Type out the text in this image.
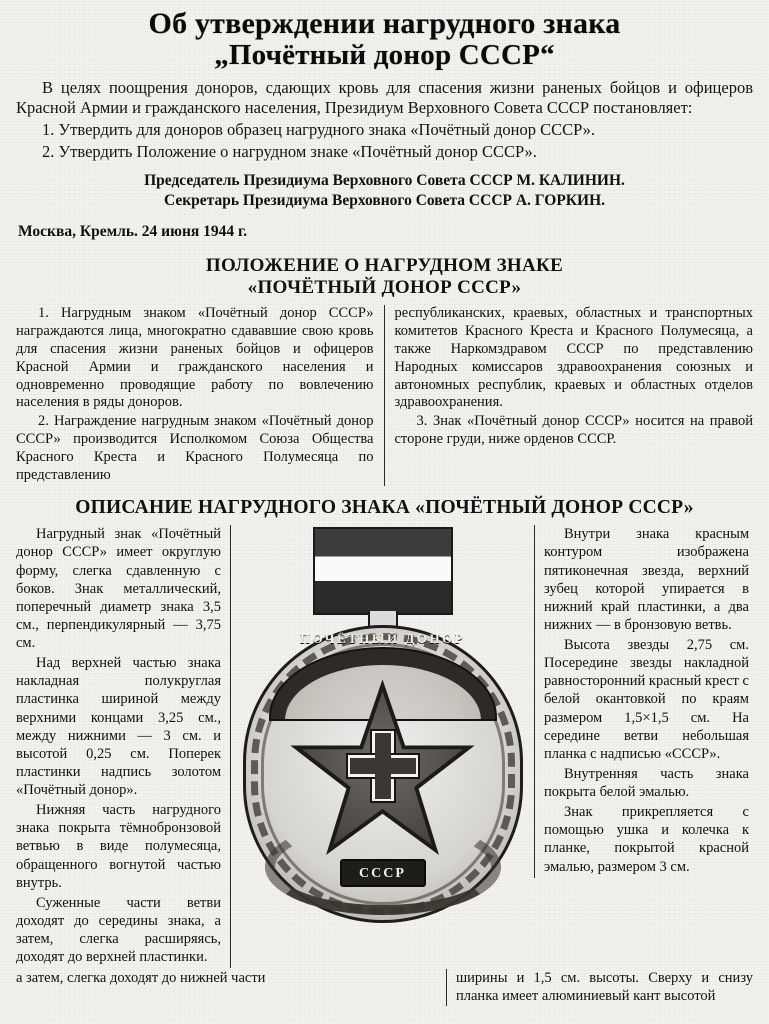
Об утверждении нагрудного знака
„Почётный донор СССР“

В целях поощрения доноров, сдающих кровь для спасения жизни раненых бойцов и офицеров Красной Армии и гражданского населения, Президиум Верховного Совета СССР постановляет:

1. Утвердить для доноров образец нагрудного знака «Почётный донор СССР».

2. Утвердить Положение о нагрудном знаке «Почётный донор СССР».

Председатель Президиума Верховного Совета СССР М. КАЛИНИН.
Секретарь Президиума Верховного Совета СССР А. ГОРКИН.
Москва, Кремль. 24 июня 1944 г.
ПОЛОЖЕНИЕ О НАГРУДНОМ ЗНАКЕ
«ПОЧЁТНЫЙ ДОНОР СССР»

1. Нагрудным знаком «Почётный донор СССР» награждаются лица, многократно сдававшие свою кровь для спасения жизни раненых бойцов и офицеров Красной Армии и гражданского населения и одновременно проводящие работу по вовлечению населения в ряды доноров.

2. Награждение нагрудным знаком «Почётный донор СССР» производится Исполкомом Союза Общества Красного Креста и Красного Полумесяца по представлению

республиканских, краевых, областных и транспортных комитетов Красного Креста и Красного Полумесяца, а также Наркомздравом СССР по представлению Народных комиссаров здравоохранения союзных и автономных республик, краевых и областных отделов здравоохранения.

3. Знак «Почётный донор СССР» носится на правой стороне груди, ниже орденов СССР.

ОПИСАНИЕ НАГРУДНОГО ЗНАКА «ПОЧЁТНЫЙ ДОНОР СССР»

Нагрудный знак «Почётный донор СССР» имеет округлую форму, слегка сдавленную с боков. Знак металлический, поперечный диаметр знака 3,5 см., перпендикулярный — 3,75 см.

Над верхней частью знака накладная полукруглая пластинка шириной между верхними концами 3,25 см., между нижними — 3 см. и высотой 0,25 см. Поперек пластинки надпись золотом «Почётный донор».

Нижняя часть нагрудного знака покрыта тёмнобронзовой ветвью в виде полумесяца, обращенного вогнутой частью внутрь.

Суженные части ветви доходят до середины знака, а затем, слегка расширяясь, доходят до верхней пластинки.

ПОЧЁТНЫЙ ДОНОР
СССР

Внутри знака красным контуром изображена пятиконечная звезда, верхний зубец которой упирается в нижний край пластинки, а два нижних — в бронзовую ветвь.

Высота звезды 2,75 см. Посередине звезды накладной равносторонний красный крест с белой окантовкой по краям размером 1,5×1,5 см. На середине ветви небольшая планка с надписью «СССР».

Внутренняя часть знака покрыта белой эмалью.

Знак прикрепляется с помощью ушка и колечка к планке, покрытой красной эмалью, размером 3 см.

а затем, слегка доходят до нижней части	ширины и 1,5 см. высоты. Сверху и снизу планка имеет алюминиевый кант высотой
